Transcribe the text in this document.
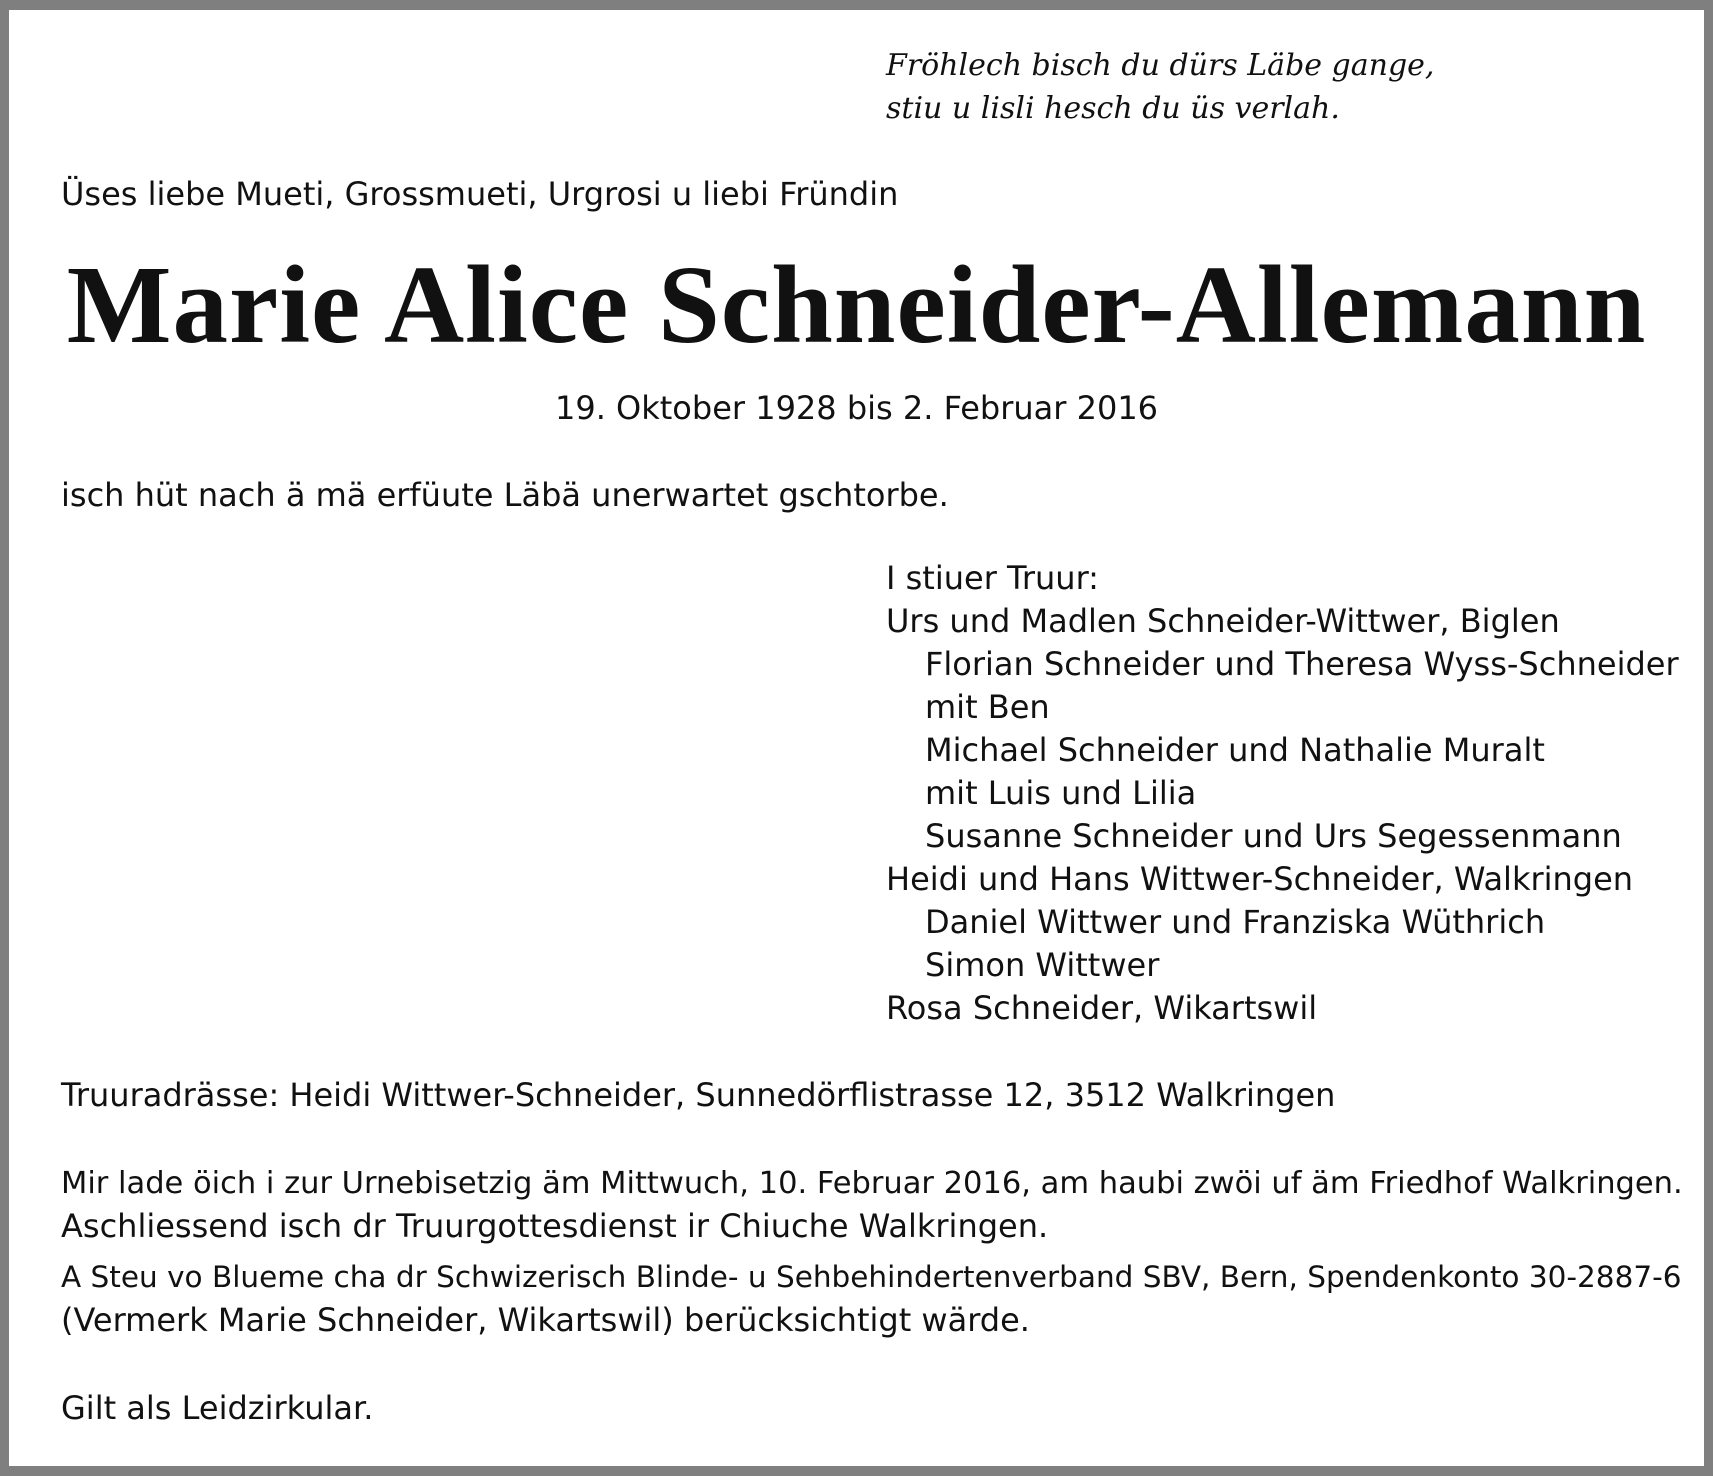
Fröhlech bisch du dürs Läbe gange,
stiu u lisli hesch du üs verlah.

Üses liebe Mueti, Grossmueti, Urgrosi u liebi Fründin

Marie Alice Schneider-Allemann

19. Oktober 1928 bis 2. Februar 2016

isch hüt nach ä mä erfüute Läbä unerwartet gschtorbe.

I stiuer Truur:
Urs und Madlen Schneider-Wittwer, Biglen
Florian Schneider und Theresa Wyss-Schneider
mit Ben
Michael Schneider und Nathalie Muralt
mit Luis und Lilia
Susanne Schneider und Urs Segessenmann
Heidi und Hans Wittwer-Schneider, Walkringen
Daniel Wittwer und Franziska Wüthrich
Simon Wittwer
Rosa Schneider, Wikartswil

Truuradrässe: Heidi Wittwer-Schneider, Sunnedörflistrasse 12, 3512 Walkringen

Mir lade öich i zur Urnebisetzig äm Mittwuch, 10. Februar 2016, am haubi zwöi uf äm Friedhof Walkringen.
Aschliessend isch dr Truurgottesdienst ir Chiuche Walkringen.
A Steu vo Blueme cha dr Schwizerisch Blinde- u Sehbehindertenverband SBV, Bern, Spendenkonto 30-2887-6
(Vermerk Marie Schneider, Wikartswil) berücksichtigt wärde.

Gilt als Leidzirkular.
